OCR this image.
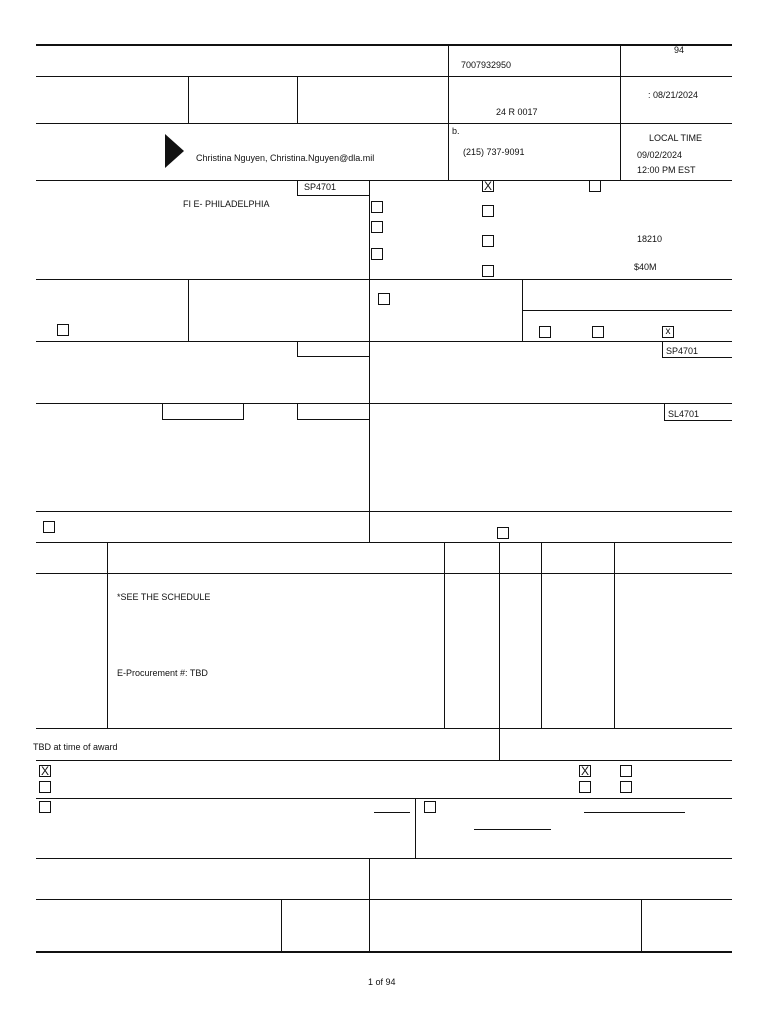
94
7007932950
: 08/21/2024
24 R 0017
Christina Nguyen, Christina.Nguyen@dla.mil
b.
(215) 737-9091
LOCAL TIME
09/02/2024
12:00 PM EST
SP4701
FI E- PHILADELPHIA
18210
$40M
X
x
SP4701
SL4701
*SEE THE SCHEDULE
E-Procurement #: TBD
TBD at time of award
X	X
1 of 94
